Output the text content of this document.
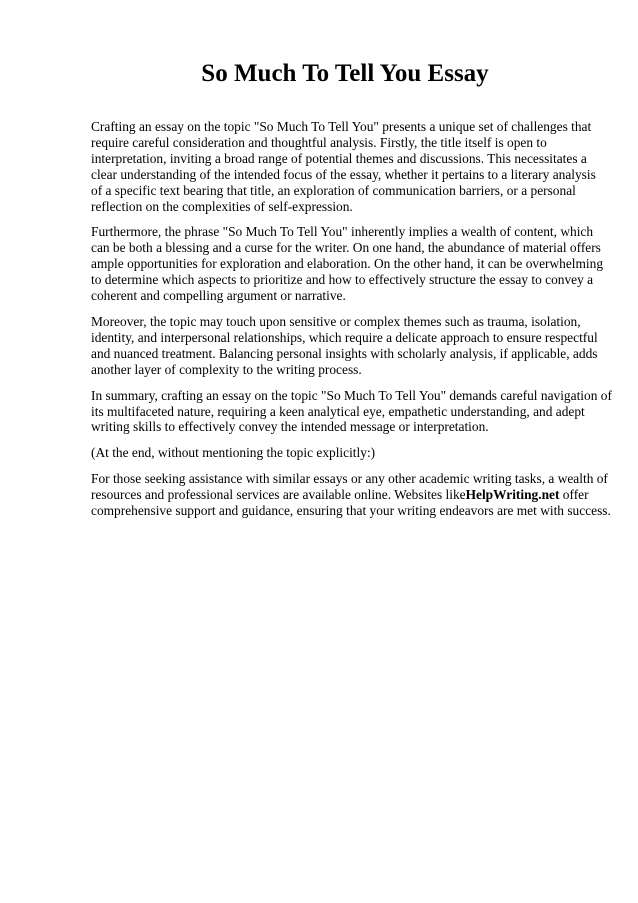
So Much To Tell You Essay

Crafting an essay on the topic "So Much To Tell You" presents a unique set of challenges that
require careful consideration and thoughtful analysis. Firstly, the title itself is open to
interpretation, inviting a broad range of potential themes and discussions. This necessitates a
clear understanding of the intended focus of the essay, whether it pertains to a literary analysis
of a specific text bearing that title, an exploration of communication barriers, or a personal
reflection on the complexities of self-expression.

Furthermore, the phrase "So Much To Tell You" inherently implies a wealth of content, which
can be both a blessing and a curse for the writer. On one hand, the abundance of material offers
ample opportunities for exploration and elaboration. On the other hand, it can be overwhelming
to determine which aspects to prioritize and how to effectively structure the essay to convey a
coherent and compelling argument or narrative.

Moreover, the topic may touch upon sensitive or complex themes such as trauma, isolation,
identity, and interpersonal relationships, which require a delicate approach to ensure respectful
and nuanced treatment. Balancing personal insights with scholarly analysis, if applicable, adds
another layer of complexity to the writing process.

In summary, crafting an essay on the topic "So Much To Tell You" demands careful navigation of
its multifaceted nature, requiring a keen analytical eye, empathetic understanding, and adept
writing skills to effectively convey the intended message or interpretation.

(At the end, without mentioning the topic explicitly:)

For those seeking assistance with similar essays or any other academic writing tasks, a wealth of
resources and professional services are available online. Websites likeHelpWriting.net offer
comprehensive support and guidance, ensuring that your writing endeavors are met with success.
